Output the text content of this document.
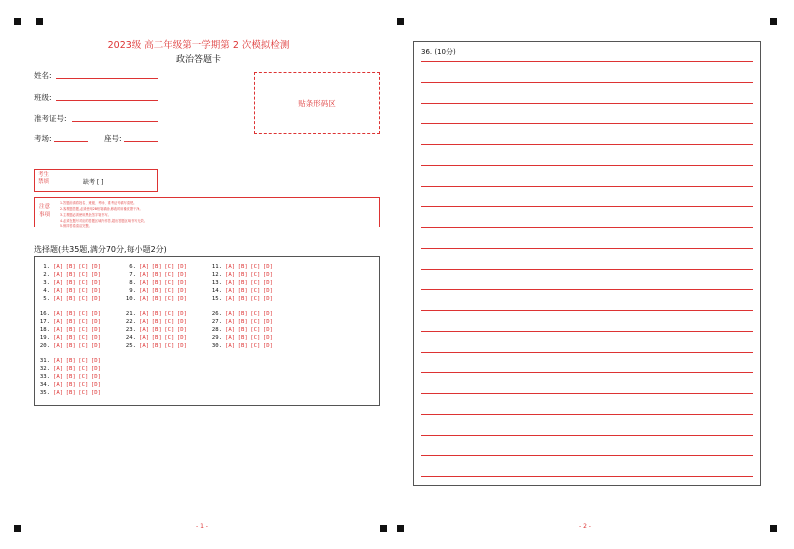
2023级 高二年级第一学期第 2 次模拟检测
政治答题卡
姓名:
班级:
准考证号:
考场:	座号:
贴条形码区
考生禁填	缺考 [ ]
注意事项
1.答题前请将姓名、班级、考场、准考证号填写清楚。
2.客观题答题,必须使用2B铅笔填涂,修改时用橡皮擦干净。
3.主观题必须使用黑色签字笔书写。
4.必须在题号对应的答题区域内作答,超出答题区域书写无效。
5.保持答卷清洁完整。
选择题(共35题,满分70分,每小题2分)
1. [A] [B] [C] [D]
2. [A] [B] [C] [D]
3. [A] [B] [C] [D]
4. [A] [B] [C] [D]
5. [A] [B] [C] [D]
6. [A] [B] [C] [D]
7. [A] [B] [C] [D]
8. [A] [B] [C] [D]
9. [A] [B] [C] [D]
10. [A] [B] [C] [D]
11. [A] [B] [C] [D]
12. [A] [B] [C] [D]
13. [A] [B] [C] [D]
14. [A] [B] [C] [D]
15. [A] [B] [C] [D]
16. [A] [B] [C] [D]
17. [A] [B] [C] [D]
18. [A] [B] [C] [D]
19. [A] [B] [C] [D]
20. [A] [B] [C] [D]
21. [A] [B] [C] [D]
22. [A] [B] [C] [D]
23. [A] [B] [C] [D]
24. [A] [B] [C] [D]
25. [A] [B] [C] [D]
26. [A] [B] [C] [D]
27. [A] [B] [C] [D]
28. [A] [B] [C] [D]
29. [A] [B] [C] [D]
30. [A] [B] [C] [D]
31. [A] [B] [C] [D]
32. [A] [B] [C] [D]
33. [A] [B] [C] [D]
34. [A] [B] [C] [D]
35. [A] [B] [C] [D]
- 1 -
36. (10分)
- 2 -
